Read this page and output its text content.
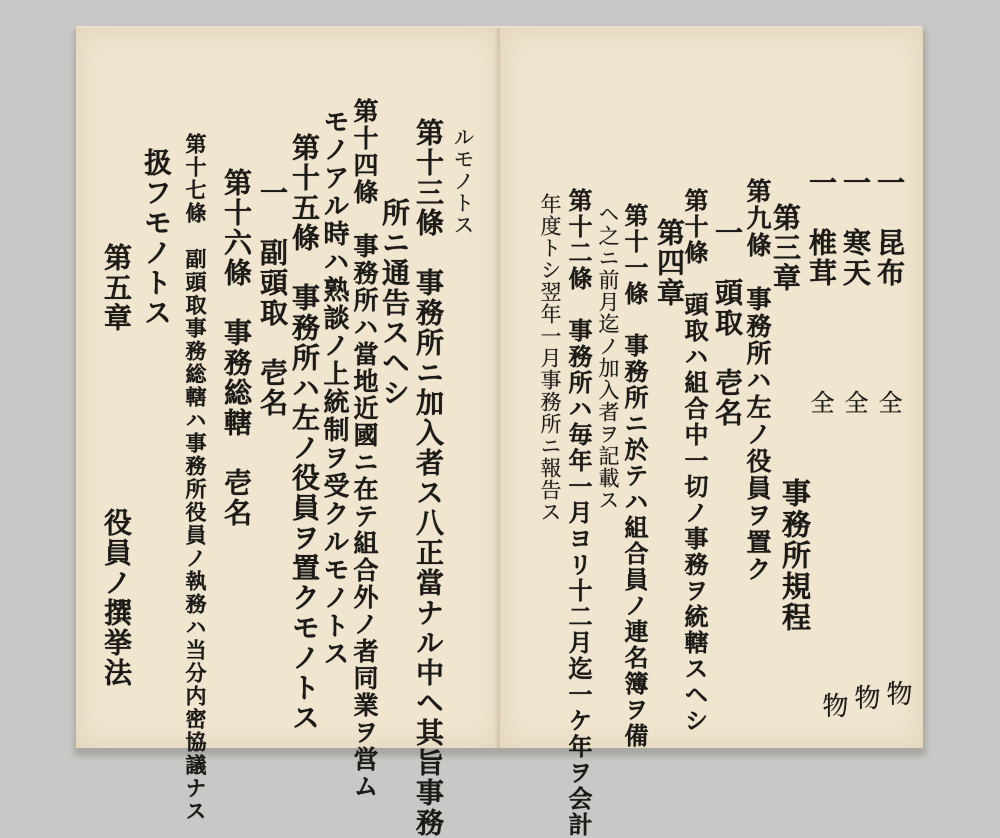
ルモノトス
第十三條　事務所ニ加入者ス八正當ナル中ヘ其旨事務
所ニ通告スヘシ
第十四條　事務所ハ當地近國ニ在テ組合外ノ者同業ヲ営ム
モノアル時ハ熟談ノ上統制ヲ受クルモノトス
第十五條　事務所ハ左ノ役員ヲ置クモノトス
一　副頭取　壱名
第十六條　事務総轄　壱名
第十七條　副頭取事務総轄ハ事務所役員ノ執務ハ当分内密協議ナス
扱フモノトス
第五章
役員ノ撰挙法
一　昆布
一　寒天
一　椎茸
全
全
全
第三章
第九條　事務所ハ左ノ役員ヲ置ク
一　頭取　壱名
第十條　頭取ハ組合中一切ノ事務ヲ統轄スヘシ
第四章
第十一條　事務所ニ於テハ組合員ノ連名簿ヲ備
ヘ之ニ前月迄ノ加入者ヲ記載ス
第十二條　事務所ハ毎年一月ヨリ十二月迄一ケ年ヲ会計
年度トシ翌年一月事務所ニ報告ス
事務所規程
物
物
物
